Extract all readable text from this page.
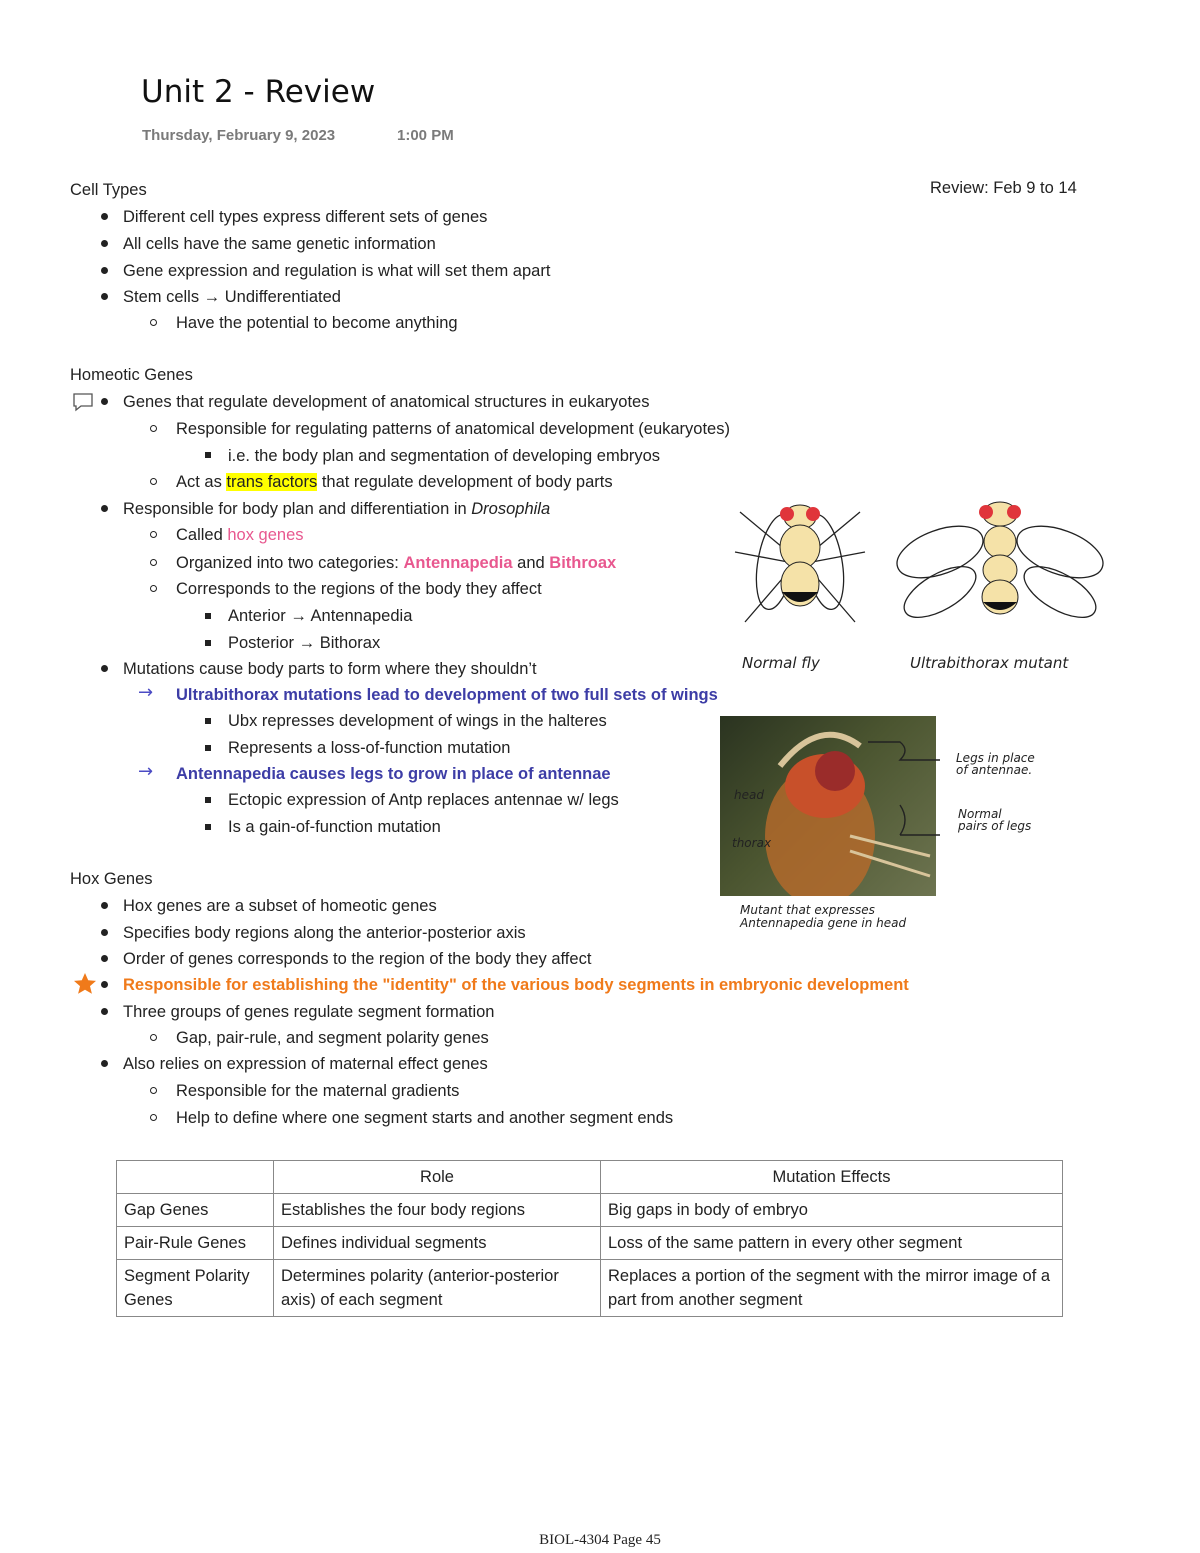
Unit 2 - Review
Thursday, February 9, 2023	1:00 PM
Review: Feb 9 to 14
Cell Types
Different cell types express different sets of genes
All cells have the same genetic information
Gene expression and regulation is what will set them apart
Stem cells → Undifferentiated
Have the potential to become anything
Homeotic Genes
Genes that regulate development of anatomical structures in eukaryotes
Responsible for regulating patterns of anatomical development (eukaryotes)
i.e. the body plan and segmentation of developing embryos
Act as trans factors that regulate development of body parts
Responsible for body plan and differentiation in Drosophila
Called hox genes
Organized into two categories: Antennapedia and Bithroax
Corresponds to the regions of the body they affect
Anterior → Antennapedia
Posterior → Bithorax
Mutations cause body parts to form where they shouldn’t
→ Ultrabithorax mutations lead to development of two full sets of wings
Ubx represses development of wings in the halteres
Represents a loss-of-function mutation
→ Antennapedia causes legs to grow in place of antennae
Ectopic expression of Antp replaces antennae w/ legs
Is a gain-of-function mutation
Hox Genes
Hox genes are a subset of homeotic genes
Specifies body regions along the anterior-posterior axis
Order of genes corresponds to the region of the body they affect
Responsible for establishing the "identity" of the various body segments in embryonic development
Three groups of genes regulate segment formation
Gap, pair-rule, and segment polarity genes
Also relies on expression of maternal effect genes
Responsible for the maternal gradients
Help to define where one segment starts and another segment ends
Normal fly	Ultrabithorax mutant
head
thorax
Legs in place
of antennae.
Normal
pairs of legs
Mutant that expresses
Antennapedia gene in head
	Role	Mutation Effects
Gap Genes	Establishes the four body regions	Big gaps in body of embryo
Pair-Rule Genes	Defines individual segments	Loss of the same pattern in every other segment
Segment Polarity Genes	Determines polarity (anterior-posterior axis) of each segment	Replaces a portion of the segment with the mirror image of a part from another segment
BIOL-4304 Page 45
